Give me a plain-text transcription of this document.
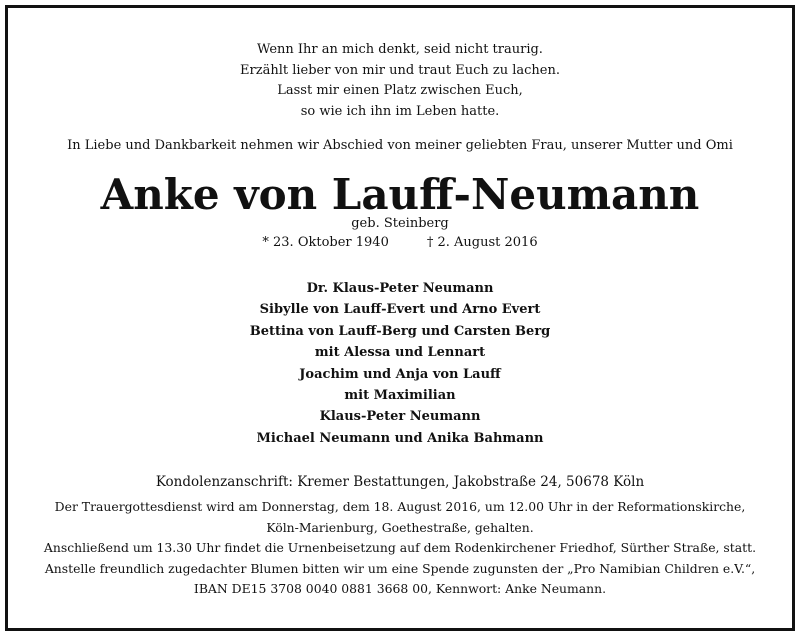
Wenn Ihr an mich denkt, seid nicht traurig.
Erzählt lieber von mir und traut Euch zu lachen.
Lasst mir einen Platz zwischen Euch,
so wie ich ihn im Leben hatte.
In Liebe und Dankbarkeit nehmen wir Abschied von meiner geliebten Frau, unserer Mutter und Omi
Anke von Lauff-Neumann
geb. Steinberg
* 23. Oktober 1940	† 2. August 2016
Dr. Klaus-Peter Neumann
Sibylle von Lauff-Evert und Arno Evert
Bettina von Lauff-Berg und Carsten Berg
mit Alessa und Lennart
Joachim und Anja von Lauff
mit Maximilian
Klaus-Peter Neumann
Michael Neumann und Anika Bahmann
Kondolenzanschrift: Kremer Bestattungen, Jakobstraße 24, 50678 Köln
Der Trauergottesdienst wird am Donnerstag, dem 18. August 2016, um 12.00 Uhr in der Reformationskirche,
Köln-Marienburg, Goethestraße, gehalten.
Anschließend um 13.30 Uhr findet die Urnenbeisetzung auf dem Rodenkirchener Friedhof, Sürther Straße, statt.
Anstelle freundlich zugedachter Blumen bitten wir um eine Spende zugunsten der „Pro Namibian Children e.V.“,
IBAN DE15 3708 0040 0881 3668 00, Kennwort: Anke Neumann.
